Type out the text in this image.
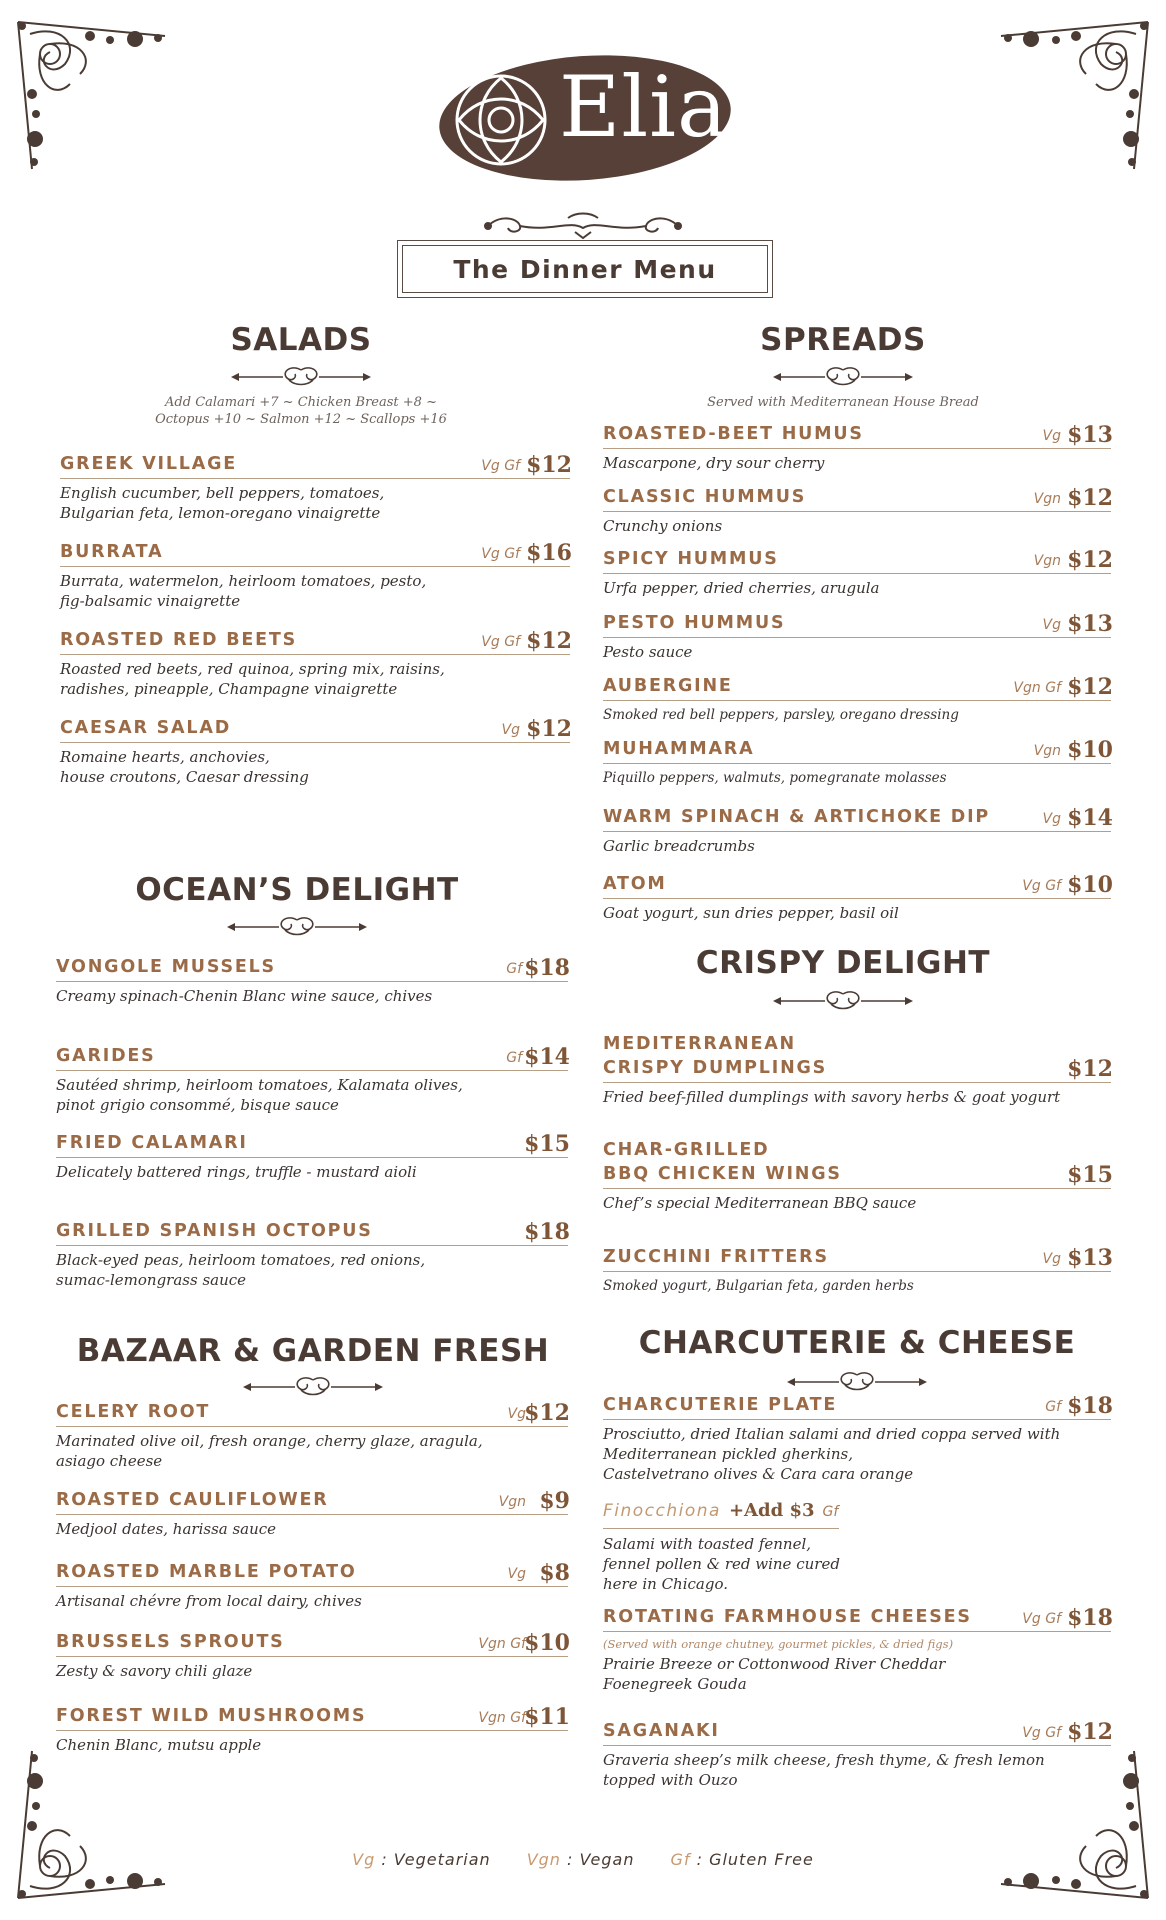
Elia
The Dinner Menu
SALADS
Add Calamari +7 ~ Chicken Breast +8 ~
Octopus +10 ~ Salmon +12 ~ Scallops +16
GREEK VILLAGE	$12
Vg Gf
English cucumber, bell peppers, tomatoes,
Bulgarian feta, lemon-oregano vinaigrette
BURRATA	$16
Vg Gf
Burrata, watermelon, heirloom tomatoes, pesto,
fig-balsamic vinaigrette
ROASTED RED BEETS	$12
Vg Gf
Roasted red beets, red quinoa, spring mix, raisins,
radishes, pineapple, Champagne vinaigrette
CAESAR SALAD	$12
Vg
Romaine hearts, anchovies,
house croutons, Caesar dressing
OCEAN’S DELIGHT
VONGOLE MUSSELS	$18
Gf
Creamy spinach-Chenin Blanc wine sauce, chives
GARIDES	$14
Gf
Sautéed shrimp, heirloom tomatoes, Kalamata olives,
pinot grigio consommé, bisque sauce
FRIED CALAMARI	$15
Delicately battered rings, truffle - mustard aioli
GRILLED SPANISH OCTOPUS	$18
Black-eyed peas, heirloom tomatoes, red onions,
sumac-lemongrass sauce
BAZAAR & GARDEN FRESH
CELERY ROOT	$12
Vg
Marinated olive oil, fresh orange, cherry glaze, aragula,
asiago cheese
ROASTED CAULIFLOWER	$9
Vgn
Medjool dates, harissa sauce
ROASTED MARBLE POTATO	$8
Vg
Artisanal chévre from local dairy, chives
BRUSSELS SPROUTS	$10
Vgn Gf
Zesty & savory chili glaze
FOREST WILD MUSHROOMS	$11
Vgn Gf
Chenin Blanc, mutsu apple
SPREADS
Served with Mediterranean House Bread
ROASTED-BEET HUMUS	$13
Vg
Mascarpone, dry sour cherry
CLASSIC HUMMUS	$12
Vgn
Crunchy onions
SPICY HUMMUS	$12
Vgn
Urfa pepper, dried cherries, arugula
PESTO HUMMUS	$13
Vg
Pesto sauce
AUBERGINE	$12
Vgn Gf
Smoked red bell peppers, parsley, oregano dressing
MUHAMMARA	$10
Vgn
Piquillo peppers, walmuts, pomegranate molasses
WARM SPINACH & ARTICHOKE DIP	$14
Vg
Garlic breadcrumbs
ATOM	$10
Vg Gf
Goat yogurt, sun dries pepper, basil oil
CRISPY DELIGHT
MEDITERRANEAN
CRISPY DUMPLINGS	$12
Fried beef-filled dumplings with savory herbs & goat yogurt
CHAR-GRILLED
BBQ CHICKEN WINGS	$15
Chef’s special Mediterranean BBQ sauce
ZUCCHINI FRITTERS	$13
Vg
Smoked yogurt, Bulgarian feta, garden herbs
CHARCUTERIE & CHEESE
CHARCUTERIE PLATE	$18
Gf
Prosciutto, dried Italian salami and dried coppa served with
Mediterranean pickled gherkins,
Castelvetrano olives & Cara cara orange
ROTATING FARMHOUSE CHEESES	$18
Vg Gf
(Served with orange chutney, gourmet pickles, & dried figs)
Prairie Breeze or Cottonwood River Cheddar
Foenegreek Gouda
SAGANAKI	$12
Vg Gf
Graveria sheep’s milk cheese, fresh thyme, & fresh lemon
topped with Ouzo
Finocchiona +Add $3 Gf
Salami with toasted fennel,
fennel pollen & red wine cured
here in Chicago.
Vg : Vegetarian Vgn : Vegan Gf : Gluten Free
